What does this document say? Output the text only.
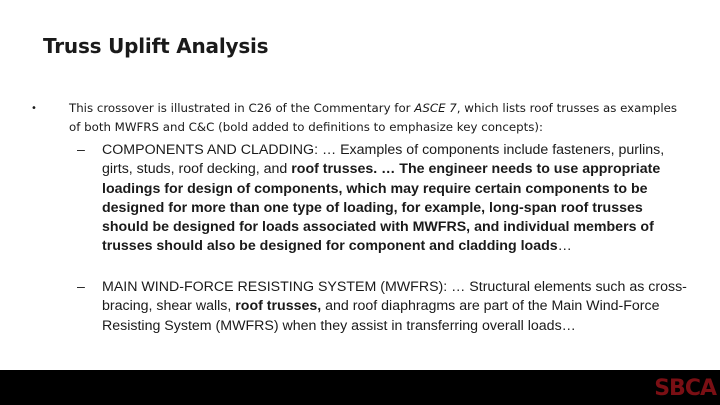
Truss Uplift Analysis
•	This crossover is illustrated in C26 of the Commentary for ASCE 7, which lists roof trusses as examples of both MWFRS and C&C (bold added to definitions to emphasize key concepts):
– COMPONENTS AND CLADDING: … Examples of components include fasteners, purlins, girts, studs, roof decking, and roof trusses. … The engineer needs to use appropriate loadings for design of components, which may require certain components to be designed for more than one type of loading, for example, long-span roof trusses should be designed for loads associated with MWFRS, and individual members of trusses should also be designed for component and cladding loads…
– MAIN WIND-FORCE RESISTING SYSTEM (MWFRS): … Structural elements such as cross-bracing, shear walls, roof trusses, and roof diaphragms are part of the Main Wind-Force Resisting System (MWFRS) when they assist in transferring overall loads…
SBCA
